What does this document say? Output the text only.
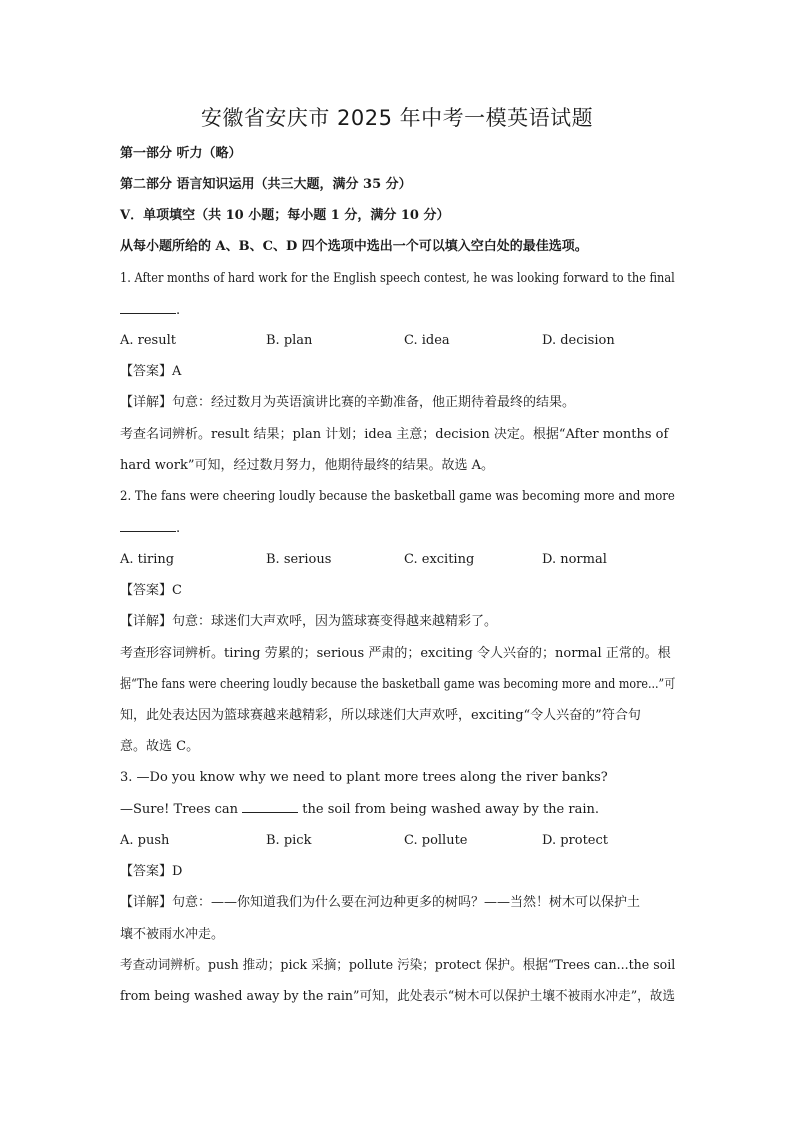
安徽省安庆市 2025 年中考一模英语试题
第一部分 听力（略）
第二部分 语言知识运用（共三大题，满分 35 分）
Ⅴ．单项填空（共 10 小题；每小题 1 分，满分 10 分）
从每小题所给的 A、B、C、D 四个选项中选出一个可以填入空白处的最佳选项。
1. After months of hard work for the English speech contest, he was looking forward to the final
.
A. result	B. plan	C. idea	D. decision
【答案】A
【详解】句意：经过数月为英语演讲比赛的辛勤准备，他正期待着最终的结果。
考查名词辨析。result 结果；plan 计划；idea 主意；decision 决定。根据“After months of
hard work”可知，经过数月努力，他期待最终的结果。故选 A。
2. The fans were cheering loudly because the basketball game was becoming more and more
.
A. tiring	B. serious	C. exciting	D. normal
【答案】C
【详解】句意：球迷们大声欢呼，因为篮球赛变得越来越精彩了。
考查形容词辨析。tiring 劳累的；serious 严肃的；exciting 令人兴奋的；normal 正常的。根
据“The fans were cheering loudly because the basketball game was becoming more and more...”可
知，此处表达因为篮球赛越来越精彩，所以球迷们大声欢呼，exciting“令人兴奋的”符合句
意。故选 C。
3. —Do you know why we need to plant more trees along the river banks?
—Sure! Trees can	the soil from being washed away by the rain.
A. push	B. pick	C. pollute	D. protect
【答案】D
【详解】句意：——你知道我们为什么要在河边种更多的树吗？——当然！树木可以保护土
壤不被雨水冲走。
考查动词辨析。push 推动；pick 采摘；pollute 污染；protect 保护。根据“Trees can...the soil
from being washed away by the rain”可知，此处表示“树木可以保护土壤不被雨水冲走”，故选
